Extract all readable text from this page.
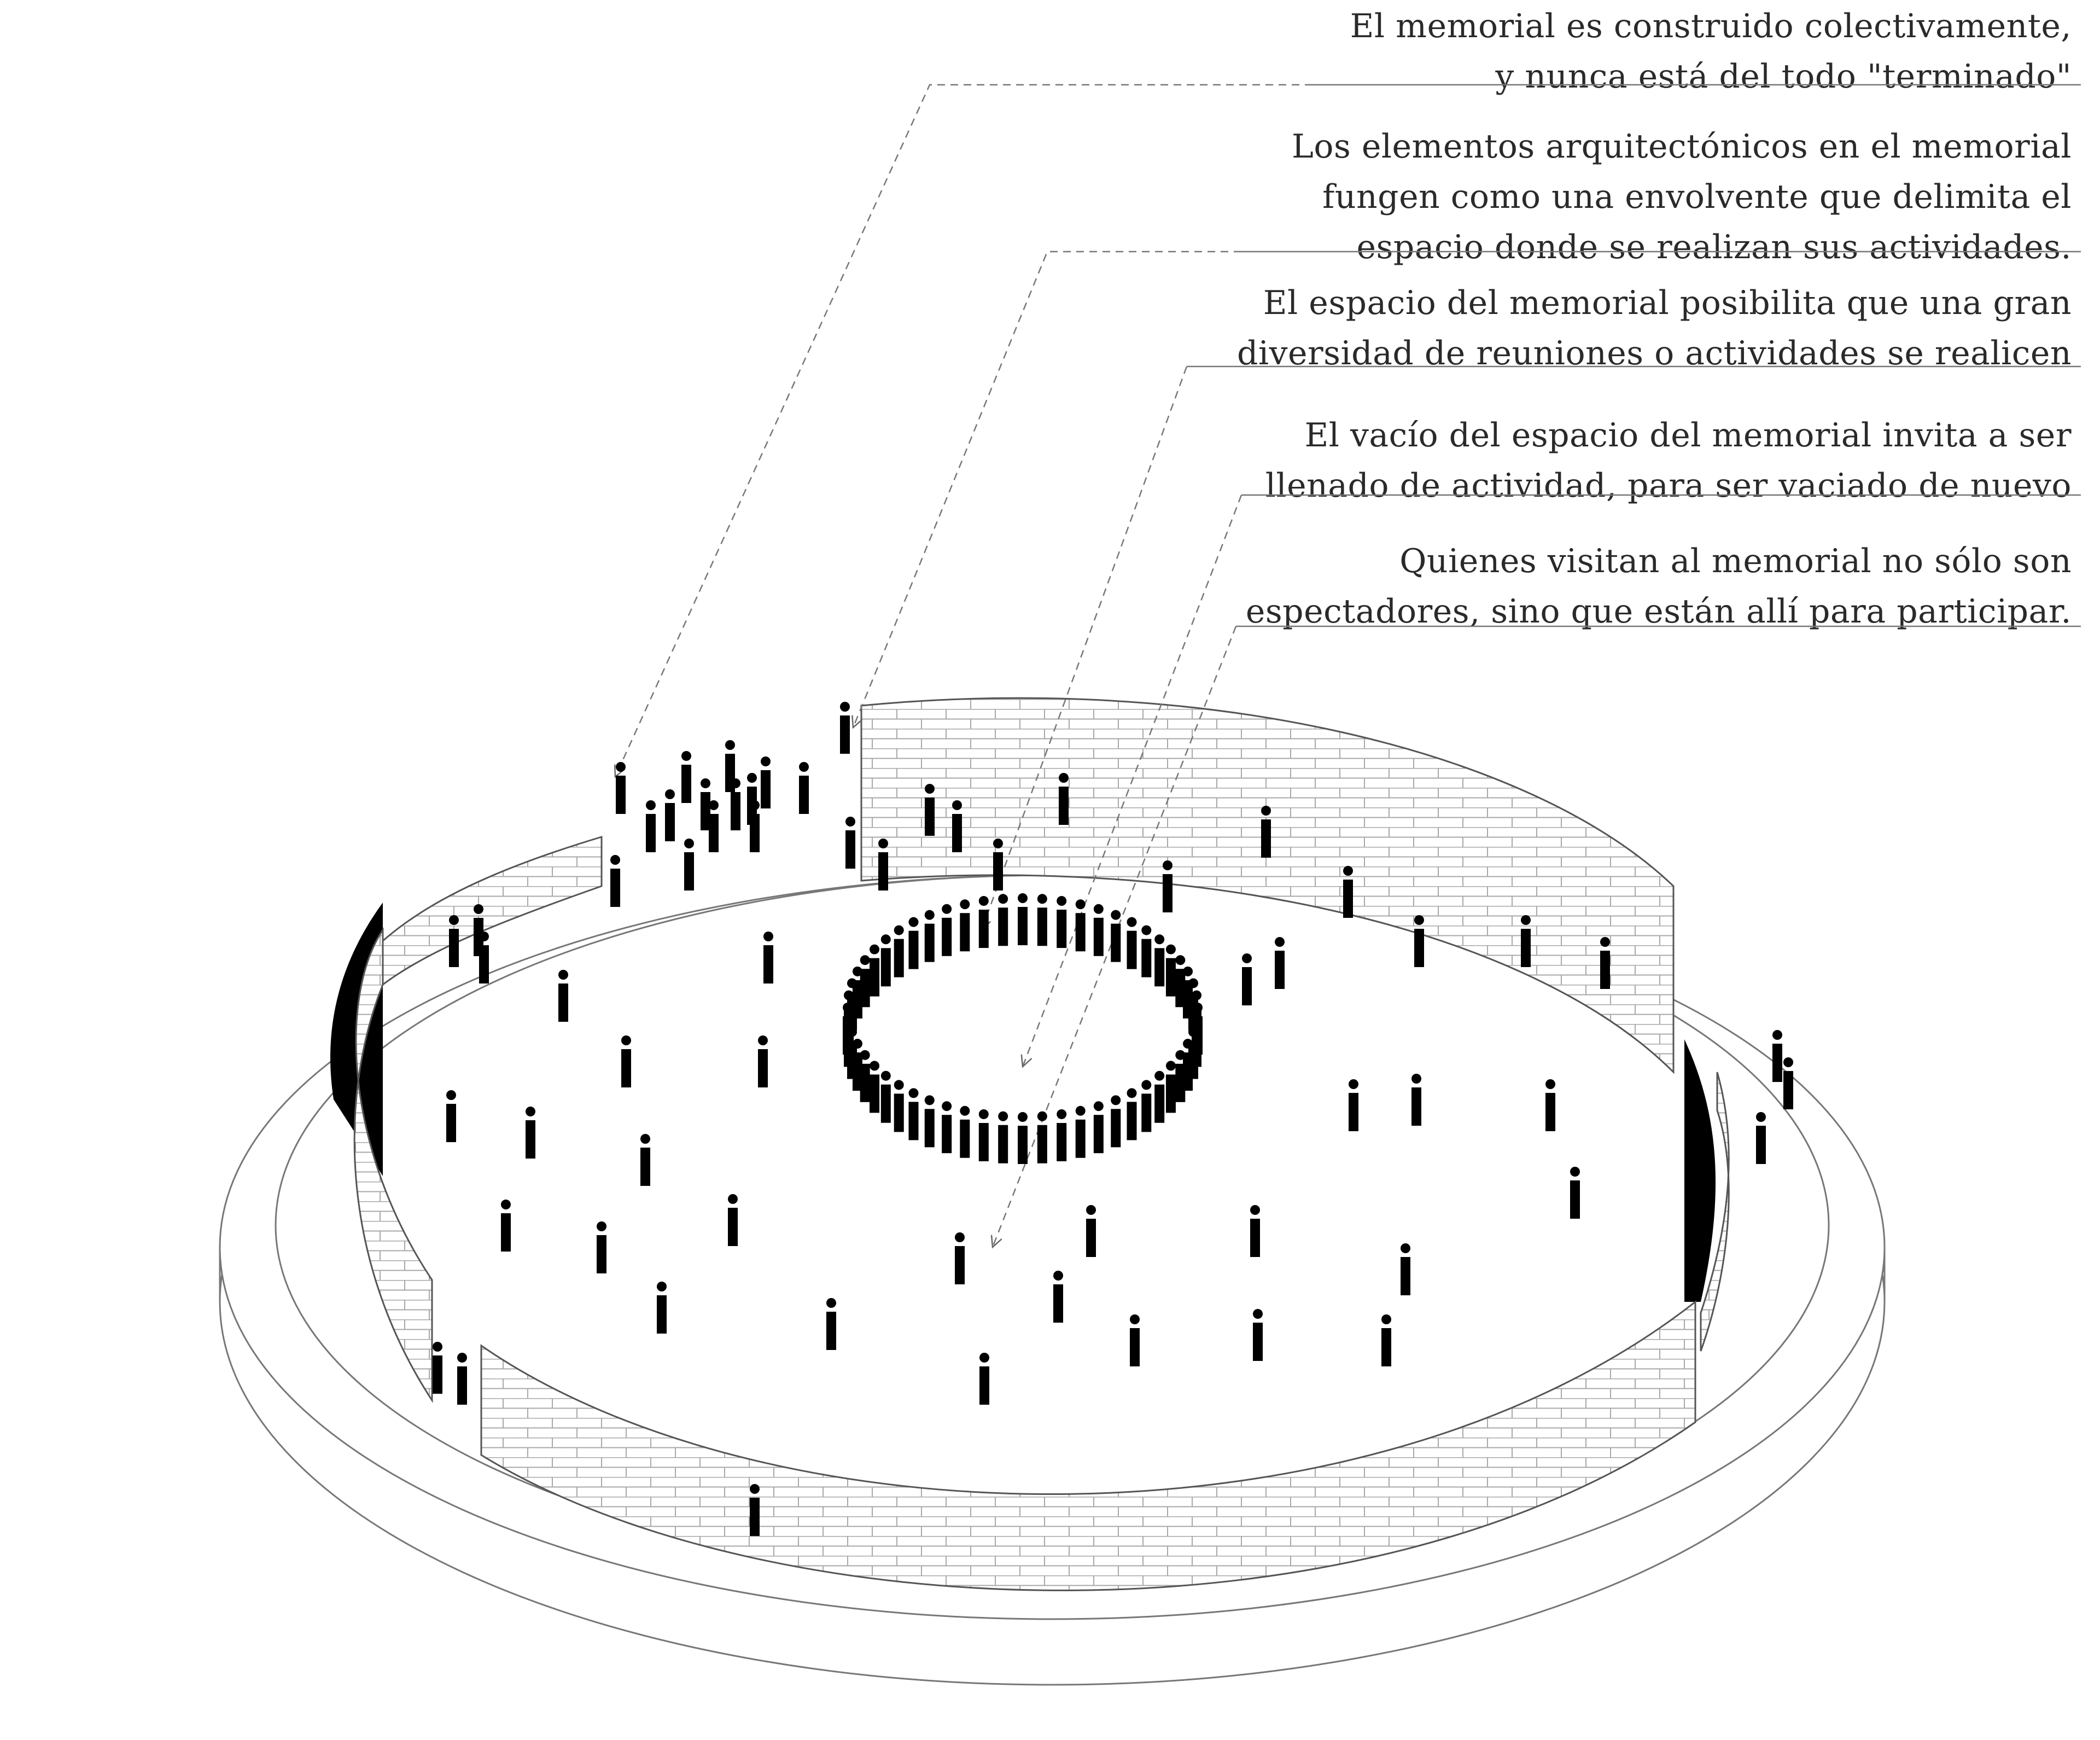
El memorial es construido colectivamente,
y nunca está del todo "terminado"
Los elementos arquitectónicos en el memorial
fungen como una envolvente que delimita el
espacio donde se realizan sus actividades.
El espacio del memorial posibilita que una gran
diversidad de reuniones o actividades se realicen
El vacío del espacio del memorial invita a ser
llenado de actividad, para ser vaciado de nuevo
Quienes visitan al memorial no sólo son
espectadores, sino que están allí para participar.
